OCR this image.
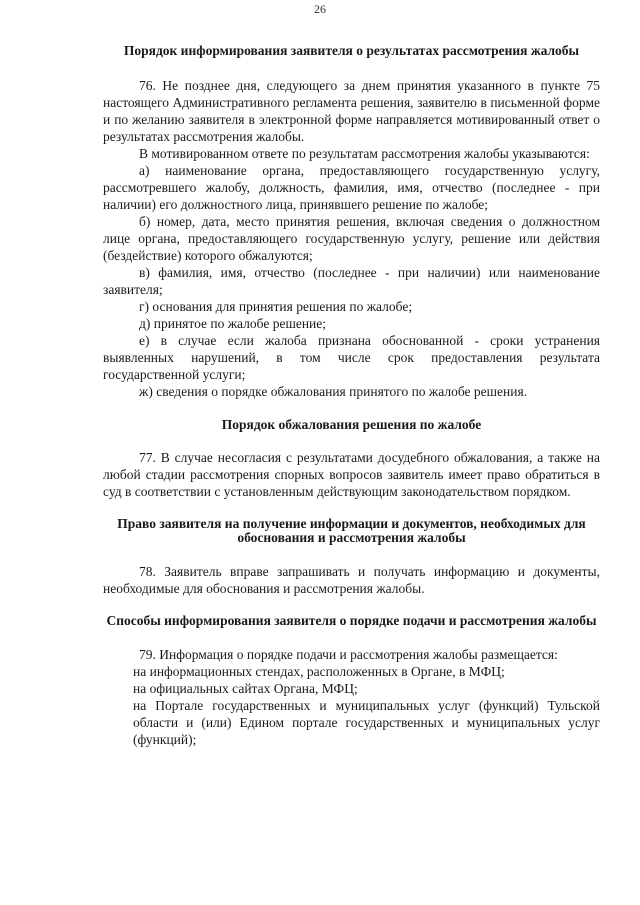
26
Порядок информирования заявителя о результатах рассмотрения жалобы

76. Не позднее дня, следующего за днем принятия указанного в пункте 75 настоящего Административного регламента решения, заявителю в письменной форме и по желанию заявителя в электронной форме направляется мотивированный ответ о результатах рассмотрения жалобы.

В мотивированном ответе по результатам рассмотрения жалобы указываются:

а) наименование органа, предоставляющего государственную услугу, рассмотревшего жалобу, должность, фамилия, имя, отчество (последнее - при наличии) его должностного лица, принявшего решение по жалобе;

б) номер, дата, место принятия решения, включая сведения о должностном лице органа, предоставляющего государственную услугу, решение или действия (бездействие) которого обжалуются;

в) фамилия, имя, отчество (последнее - при наличии) или наименование заявителя;

г) основания для принятия решения по жалобе;

д) принятое по жалобе решение;

е) в случае если жалоба признана обоснованной - сроки устранения выявленных нарушений, в том числе срок предоставления результата государственной услуги;

ж) сведения о порядке обжалования принятого по жалобе решения.

Порядок обжалования решения по жалобе

77. В случае несогласия с результатами досудебного обжалования, а также на любой стадии рассмотрения спорных вопросов заявитель имеет право обратиться в суд в соответствии с установленным действующим законодательством порядком.

Право заявителя на получение информации и документов, необходимых для обоснования и рассмотрения жалобы

78. Заявитель вправе запрашивать и получать информацию и документы, необходимые для обоснования и рассмотрения жалобы.

Способы информирования заявителя о порядке подачи и рассмотрения жалобы

79. Информация о порядке подачи и рассмотрения жалобы размещается:

на информационных стендах, расположенных в Органе, в МФЦ;

на официальных сайтах Органа, МФЦ;

на Портале государственных и муниципальных услуг (функций) Тульской области и (или) Едином портале государственных и муниципальных услуг (функций);
